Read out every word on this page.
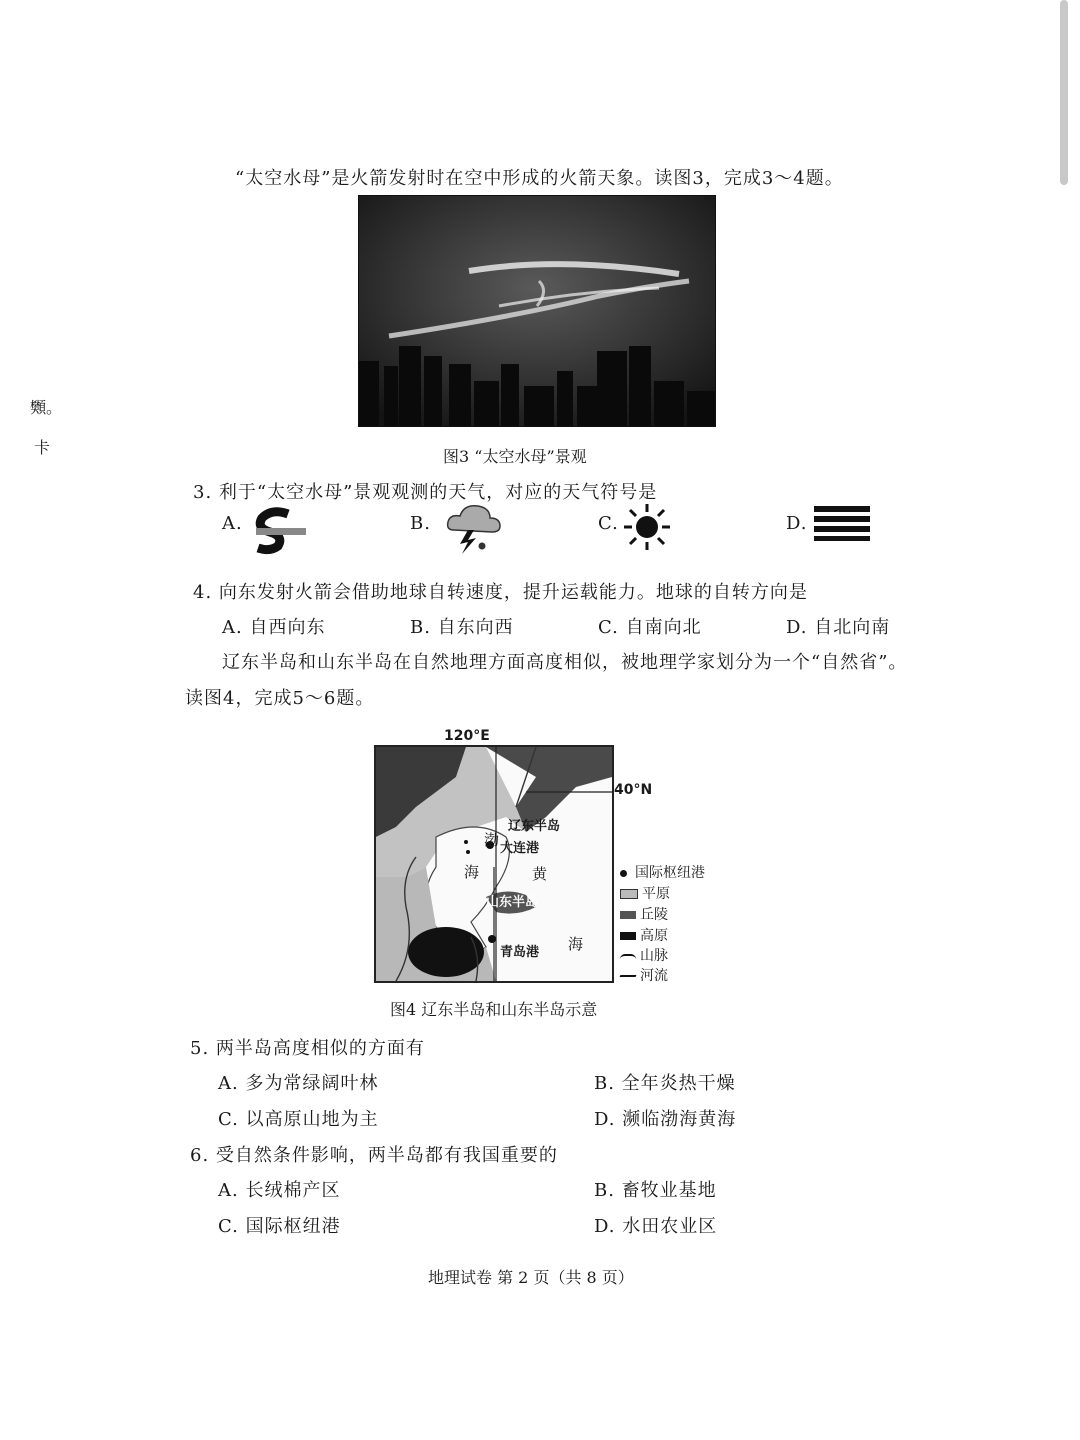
䫶。
卡
“太空水母”是火箭发射时在空中形成的火箭天象。读图3，完成3～4题。
图3 “太空水母”景观
3. 利于“太空水母”景观观测的天气，对应的天气符号是
A.	B.	C.	D.
4. 向东发射火箭会借助地球自转速度，提升运载能力。地球的自转方向是
A. 自西向东	B. 自东向西	C. 自南向北	D. 自北向南
辽东半岛和山东半岛在自然地理方面高度相似，被地理学家划分为一个“自然省”。
读图4，完成5～6题。
120°E
辽东半岛
大连港
渤
海	黄
山东半岛
青岛港 海
40°N
国际枢纽港
平原
丘陵
高原
山脉
河流
图4 辽东半岛和山东半岛示意
5. 两半岛高度相似的方面有
A. 多为常绿阔叶林	B. 全年炎热干燥
C. 以高原山地为主	D. 濒临渤海黄海
6. 受自然条件影响，两半岛都有我国重要的
A. 长绒棉产区	B. 畜牧业基地
C. 国际枢纽港	D. 水田农业区
地理试卷 第 2 页（共 8 页）
